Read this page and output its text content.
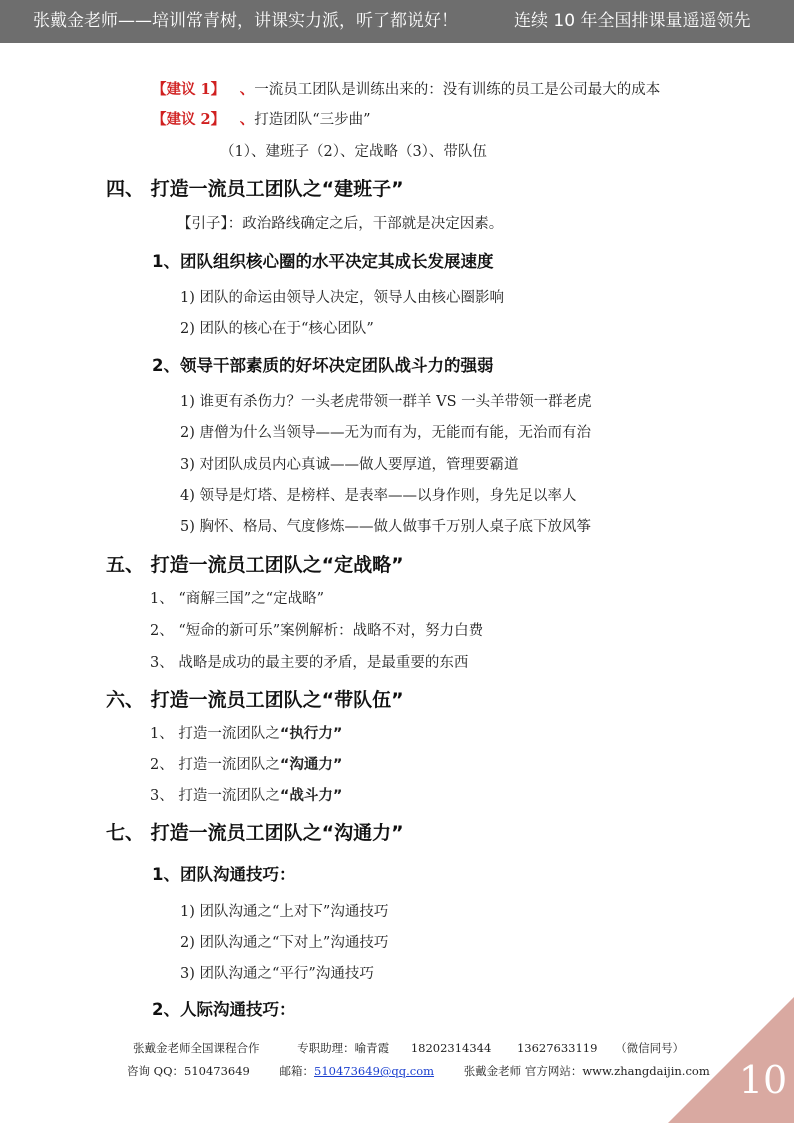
张戴金老师——培训常青树，讲课实力派，听了都说好！	连续 10 年全国排课量遥遥领先
【建议 1】 、一流员工团队是训练出来的：没有训练的员工是公司最大的成本
【建议 2】 、打造团队“三步曲”
（1）、建班子（2）、定战略（3）、带队伍
四、 打造一流员工团队之“建班子”
【引子】：政治路线确定之后，干部就是决定因素。
1、团队组织核心圈的水平决定其成长发展速度
1) 团队的命运由领导人决定，领导人由核心圈影响
2) 团队的核心在于“核心团队”
2、领导干部素质的好坏决定团队战斗力的强弱
1) 谁更有杀伤力？一头老虎带领一群羊 VS 一头羊带领一群老虎
2) 唐僧为什么当领导——无为而有为，无能而有能，无治而有治
3) 对团队成员内心真诚——做人要厚道，管理要霸道
4) 领导是灯塔、是榜样、是表率——以身作则，身先足以率人
5) 胸怀、格局、气度修炼——做人做事千万别人桌子底下放风筝
五、 打造一流员工团队之“定战略”
1、 “商解三国”之“定战略”
2、 “短命的新可乐”案例解析：战略不对，努力白费
3、 战略是成功的最主要的矛盾，是最重要的东西
六、 打造一流员工团队之“带队伍”
1、 打造一流团队之“执行力”
2、 打造一流团队之“沟通力”
3、 打造一流团队之“战斗力”
七、 打造一流员工团队之“沟通力”
1、团队沟通技巧：
1) 团队沟通之“上对下”沟通技巧
2) 团队沟通之“下对上”沟通技巧
3) 团队沟通之“平行”沟通技巧
2、人际沟通技巧：
张戴金老师全国课程合作	专职助理：喻青霞 18202314344 13627633119 （微信同号）
咨询 QQ：510473649	邮箱：510473649@qq.com	张戴金老师 官方网站：www.zhangdaijin.com 10
